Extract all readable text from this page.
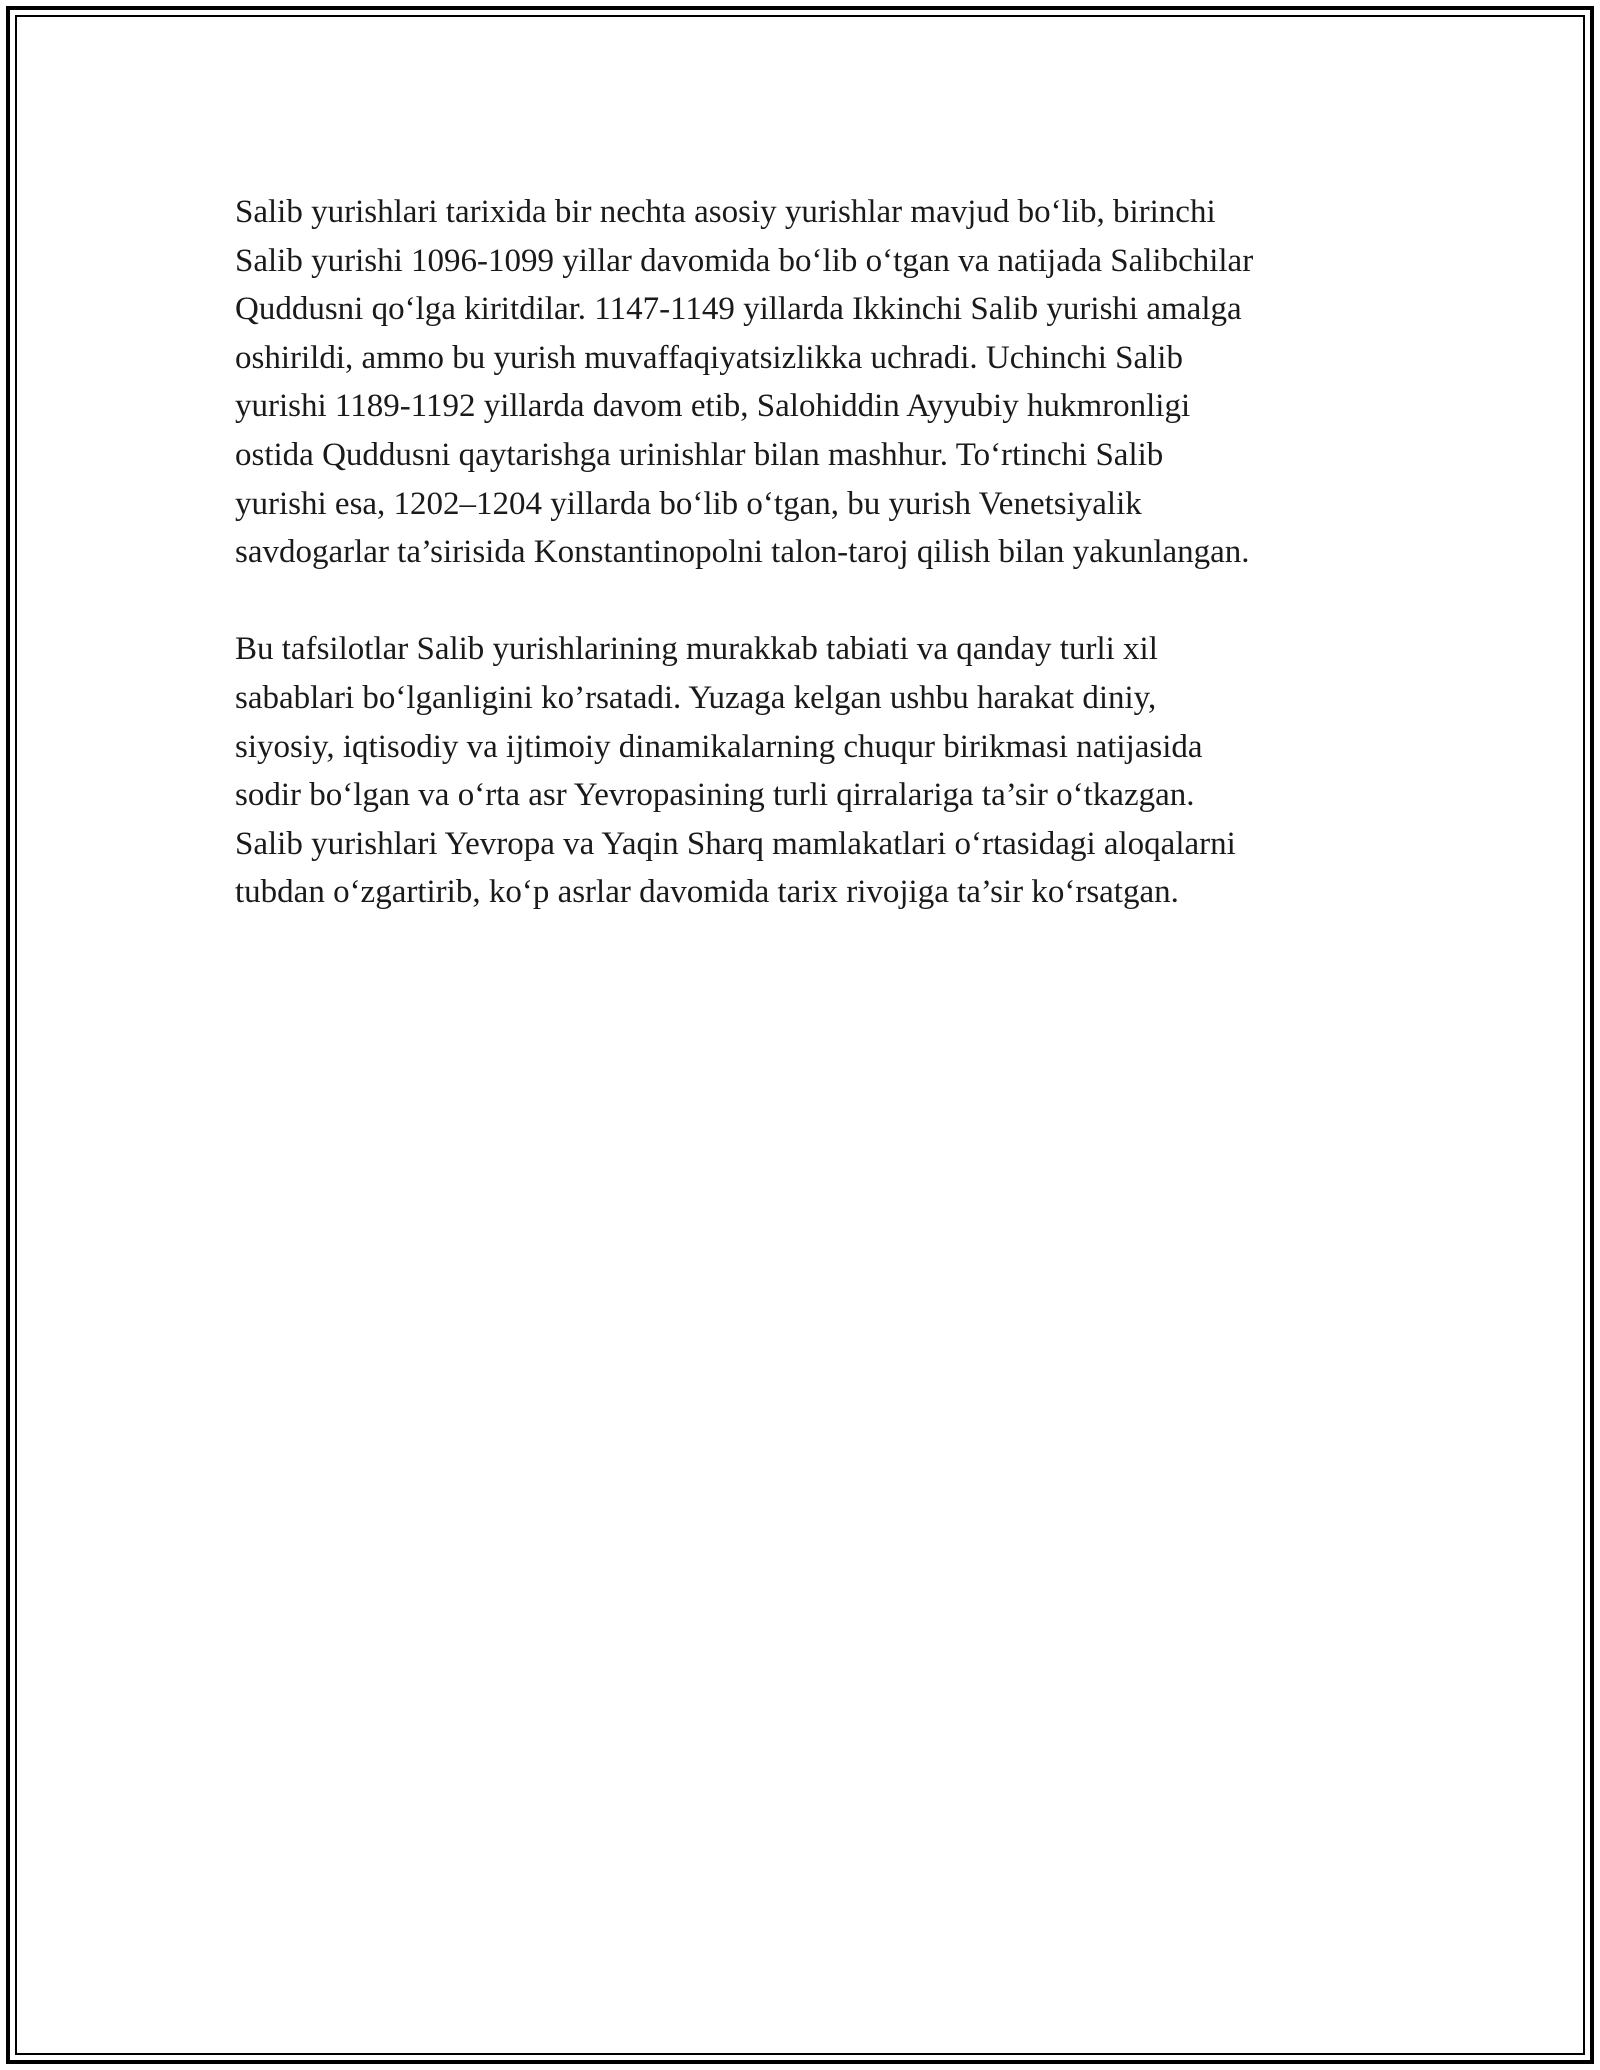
Salib yurishlari tarixida bir nechta asosiy yurishlar mavjud bo‘lib, birinchi
Salib yurishi 1096-1099 yillar davomida bo‘lib o‘tgan va natijada Salibchilar
Quddusni qo‘lga kiritdilar. 1147-1149 yillarda Ikkinchi Salib yurishi amalga
oshirildi, ammo bu yurish muvaffaqiyatsizlikka uchradi. Uchinchi Salib
yurishi 1189-1192 yillarda davom etib, Salohiddin Ayyubiy hukmronligi
ostida Quddusni qaytarishga urinishlar bilan mashhur. To‘rtinchi Salib
yurishi esa, 1202–1204 yillarda bo‘lib o‘tgan, bu yurish Venetsiyalik
savdogarlar ta’sirisida Konstantinopolni talon-taroj qilish bilan yakunlangan.
Bu tafsilotlar Salib yurishlarining murakkab tabiati va qanday turli xil
sabablari bo‘lganligini ko’rsatadi. Yuzaga kelgan ushbu harakat diniy,
siyosiy, iqtisodiy va ijtimoiy dinamikalarning chuqur birikmasi natijasida
sodir bo‘lgan va o‘rta asr Yevropasining turli qirralariga ta’sir o‘tkazgan.
Salib yurishlari Yevropa va Yaqin Sharq mamlakatlari o‘rtasidagi aloqalarni
tubdan o‘zgartirib, ko‘p asrlar davomida tarix rivojiga ta’sir ko‘rsatgan.
